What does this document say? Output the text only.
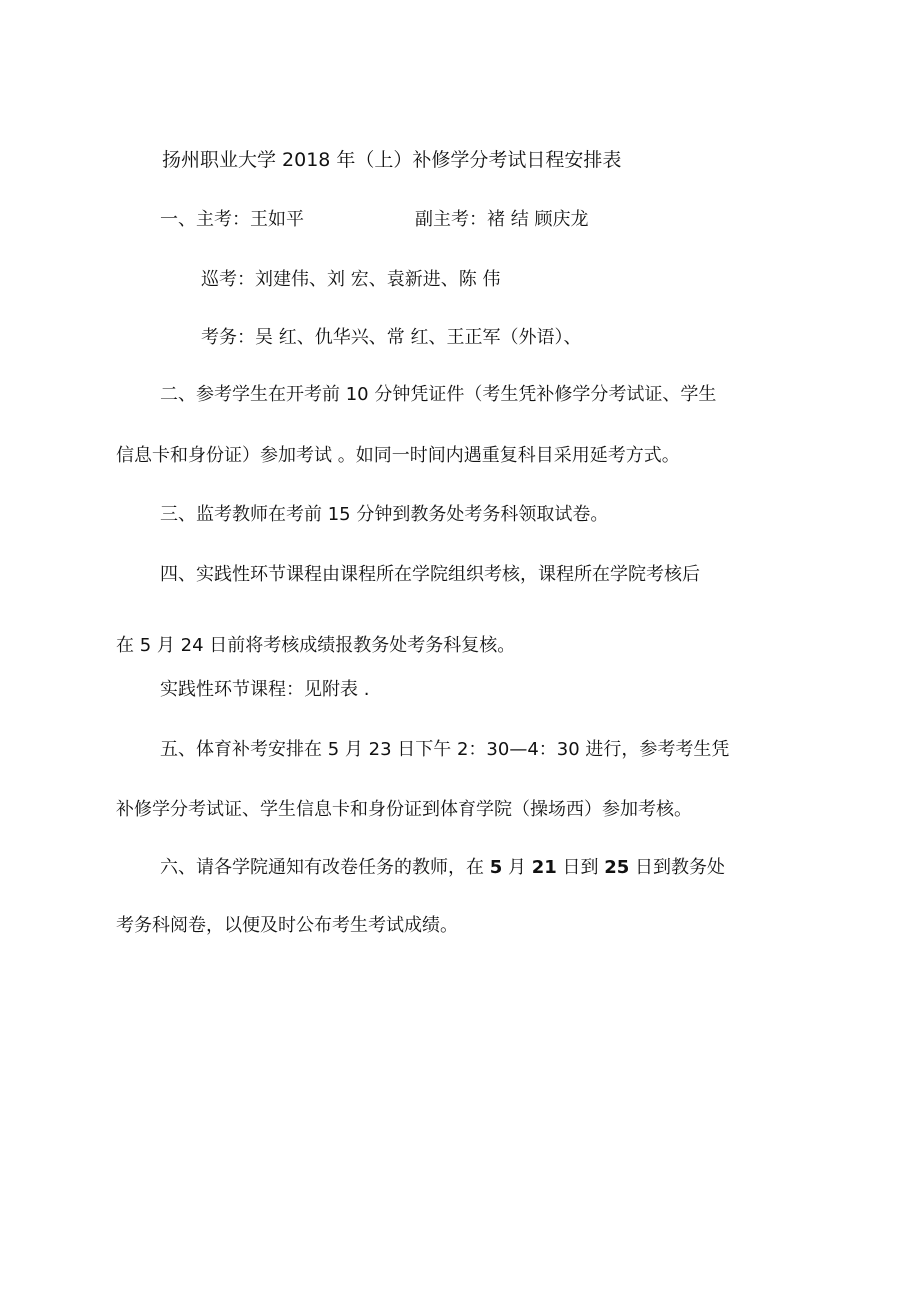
扬州职业大学 2018 年（上）补修学分考试日程安排表
一、主考：王如平	副主考：褚 结 顾庆龙
巡考：刘建伟、刘 宏、袁新进、陈 伟
考务：吴 红、仇华兴、常 红、王正军（外语）、
二、参考学生在开考前 10 分钟凭证件（考生凭补修学分考试证、学生
信息卡和身份证）参加考试 。如同一时间内遇重复科目采用延考方式。
三、监考教师在考前 15 分钟到教务处考务科领取试卷。
四、实践性环节课程由课程所在学院组织考核，课程所在学院考核后
在 5 月 24 日前将考核成绩报教务处考务科复核。
实践性环节课程：见附表 .
五、体育补考安排在 5 月 23 日下午 2：30—4：30 进行，参考考生凭
补修学分考试证、学生信息卡和身份证到体育学院（操场西）参加考核。
六、请各学院通知有改卷任务的教师，在 5 月 21 日到 25 日到教务处
考务科阅卷，以便及时公布考生考试成绩。
